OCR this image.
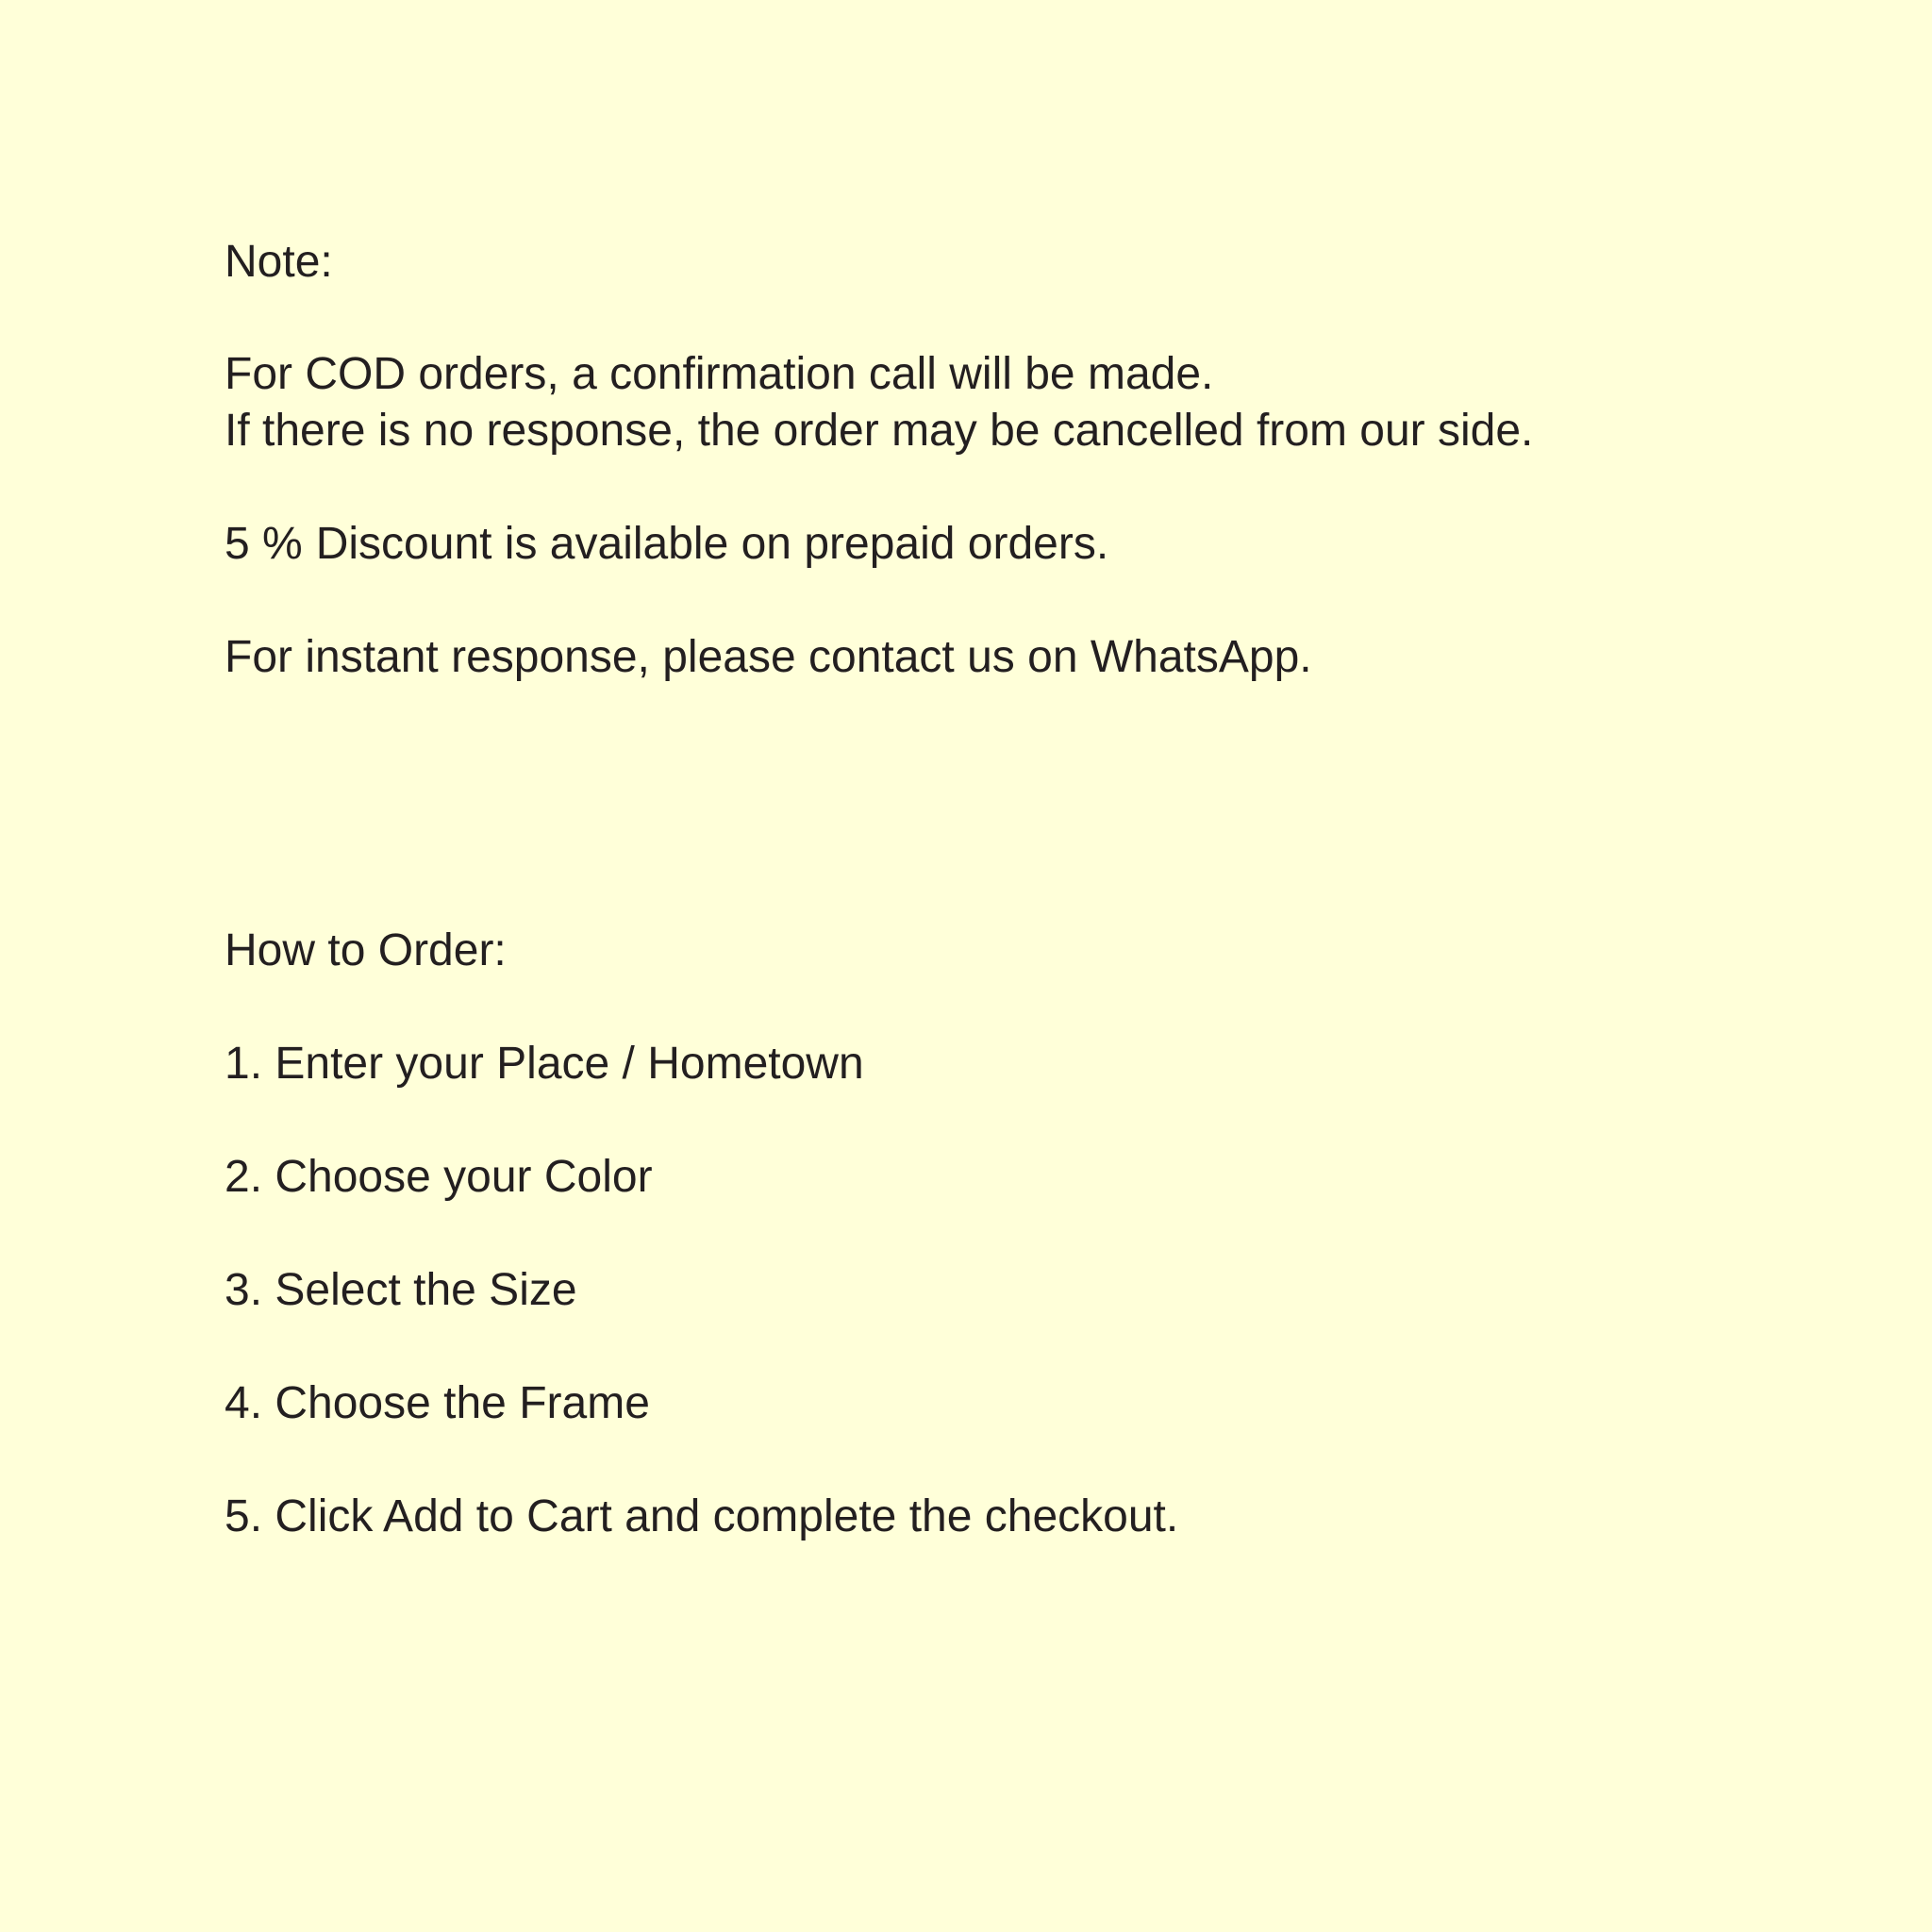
Note:
For COD orders, a confirmation call will be made.
If there is no response, the order may be cancelled from our side.
5 % Discount is available on prepaid orders.
For instant response, please contact us on WhatsApp.
How to Order:
1. Enter your Place / Hometown
2. Choose your Color
3. Select the Size
4. Choose the Frame
5. Click Add to Cart and complete the checkout.
